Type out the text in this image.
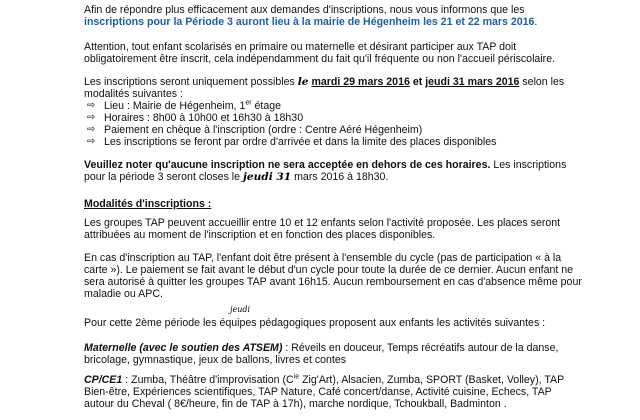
Afin de répondre plus efficacement aux demandes d'inscriptions, nous vous informons que les
inscriptions pour la Période 3 auront lieu à la mairie de Hégenheim les 21 et 22 mars 2016.

Attention, tout enfant scolarisés en primaire ou maternelle et désirant participer aux TAP doit
obligatoirement être inscrit, cela indépendamment du fait qu'il fréquente ou non l'accueil périscolaire.

Les inscriptions seront uniquement possibles le mardi 29 mars 2016 et jeudi 31 mars 2016 selon les
modalités suivantes :

⇨ Lieu : Mairie de Hégenheim, 1er étage
⇨ Horaires : 8h00 à 10h00 et 16h30 à 18h30
⇨ Paiement en chèque à l'inscription (ordre : Centre Aéré Hégenheim)
⇨ Les inscriptions se feront par ordre d'arrivée et dans la limite des places disponibles

Veuillez noter qu'aucune inscription ne sera acceptée en dehors de ces horaires. Les inscriptions
pour la période 3 seront closes le jeudi 31 mars 2016 à 18h30.

Modalités d'inscriptions :

Les groupes TAP peuvent accueillir entre 10 et 12 enfants selon l'activité proposée. Les places seront
attribuées au moment de l'inscription et en fonction des places disponibles.

En cas d'inscription au TAP, l'enfant doit être présent à l'ensemble du cycle (pas de participation « à la
carte »). Le paiement se fait avant le début d'un cycle pour toute la durée de ce dernier. Aucun enfant ne
sera autorisé à quitter les groupes TAP avant 16h15. Aucun remboursement en cas d'absence même pour
maladie ou APC.

jeudi

Pour cette 2ème période les équipes pédagogiques proposent aux enfants les activités suivantes :

Maternelle (avec le soutien des ATSEM) : Réveils en douceur, Temps récréatifs autour de la danse,
bricolage, gymnastique, jeux de ballons, livres et contes

CP/CE1 : Zumba, Théâtre d'improvisation ($C^{ie}$ Zig'Art), Alsacien, Zumba, SPORT (Basket, Volley), TAP
Bien-être, Expériences scientifiques, TAP Nature, Café concert/danse, Activité cuisine, Echecs, TAP
autour du Cheval ( 8€/heure, fin de TAP à 17h), marche nordique, Tchoukball, Badminton .
